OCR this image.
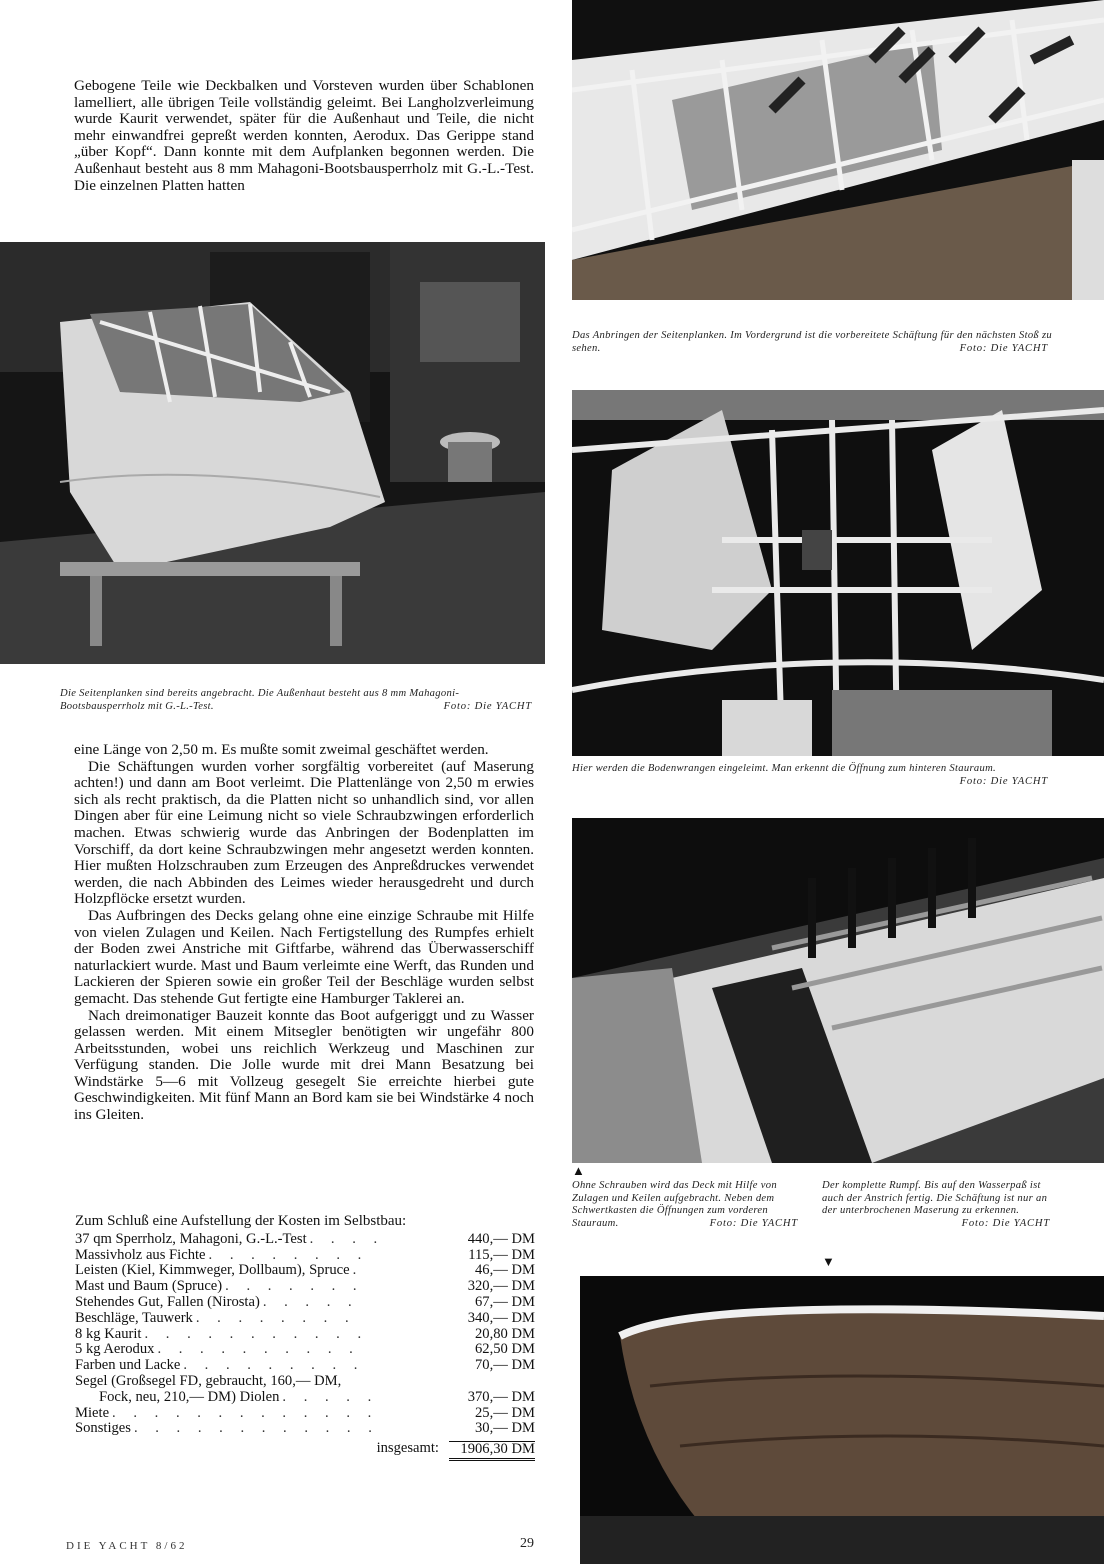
Gebogene Teile wie Deckbalken und Vorsteven wurden über Schablonen lamelliert, alle übrigen Teile vollständig geleimt. Bei Langholzverleimung wurde Kaurit verwendet, später für die Außenhaut und Teile, die nicht mehr einwandfrei gepreßt werden konnten, Aerodux. Das Gerippe stand „über Kopf“. Dann konnte mit dem Aufplanken begonnen werden. Die Außenhaut besteht aus 8 mm Mahagoni-Bootsbausperrholz mit G.-L.-Test. Die einzelnen Platten hatten

Die Seitenplanken sind bereits angebracht. Die Außenhaut besteht aus 8 mm Mahagoni-Bootsbausperrholz mit G.-L.-Test.	Foto: Die YACHT

eine Länge von 2,50 m. Es mußte somit zweimal geschäftet werden.

Die Schäftungen wurden vorher sorgfältig vorbereitet (auf Maserung achten!) und dann am Boot verleimt. Die Plattenlänge von 2,50 m erwies sich als recht praktisch, da die Platten nicht so unhandlich sind, vor allen Dingen aber für eine Leimung nicht so viele Schraubzwingen erforderlich machen. Etwas schwierig wurde das Anbringen der Bodenplatten im Vorschiff, da dort keine Schraubzwingen mehr angesetzt werden konnten. Hier mußten Holzschrauben zum Erzeugen des Anpreßdruckes verwendet werden, die nach Abbinden des Leimes wieder herausgedreht und durch Holzpflöcke ersetzt wurden.

Das Aufbringen des Decks gelang ohne eine einzige Schraube mit Hilfe von vielen Zulagen und Keilen. Nach Fertigstellung des Rumpfes erhielt der Boden zwei Anstriche mit Giftfarbe, während das Überwasserschiff naturlackiert wurde. Mast und Baum verleimte eine Werft, das Runden und Lackieren der Spieren sowie ein großer Teil der Beschläge wurden selbst gemacht. Das stehende Gut fertigte eine Hamburger Taklerei an.

Nach dreimonatiger Bauzeit konnte das Boot aufgeriggt und zu Wasser gelassen werden. Mit einem Mitsegler benötigten wir ungefähr 800 Arbeitsstunden, wobei uns reichlich Werkzeug und Maschinen zur Verfügung standen. Die Jolle wurde mit drei Mann Besatzung bei Windstärke 5—6 mit Vollzeug gesegelt Sie erreichte hierbei gute Geschwindigkeiten. Mit fünf Mann an Bord kam sie bei Windstärke 4 noch ins Gleiten.

Zum Schluß eine Aufstellung der Kosten im Selbstbau:
37 qm Sperrholz, Mahagoni, G.-L.-Test . . . .	440,— DM
Massivholz aus Fichte . . . . . . . .	115,— DM
Leisten (Kiel, Kimmweger, Dollbaum), Spruce .	46,— DM
Mast und Baum (Spruce) . . . . . . .	320,— DM
Stehendes Gut, Fallen (Nirosta) . . . . .	67,— DM
Beschläge, Tauwerk . . . . . . . .	340,— DM
8 kg Kaurit . . . . . . . . . . .	20,80 DM
5 kg Aerodux . . . . . . . . . .	62,50 DM
Farben und Lacke . . . . . . . . .	70,— DM
Segel (Großsegel FD, gebraucht, 160,— DM,
Fock, neu, 210,— DM) Diolen . . . . .	370,— DM
Miete . . . . . . . . . . . . .	25,— DM
Sonstiges . . . . . . . . . . . .	30,— DM
insgesamt:	1906,30 DM
DIE YACHT 8/62	29
Das Anbringen der Seitenplanken. Im Vordergrund ist die vorbereitete Schäftung für den nächsten Stoß zu sehen.	Foto: Die YACHT
Hier werden die Bodenwrangen eingeleimt. Man erkennt die Öffnung zum hinteren Stauraum.
Foto: Die YACHT
▲
Ohne Schrauben wird das Deck mit Hilfe von Zulagen und Keilen aufgebracht. Neben dem Schwertkasten die Öffnungen zum vorderen Stauraum.	Foto: Die YACHT
Der komplette Rumpf. Bis auf den Wasserpaß ist auch der Anstrich fertig. Die Schäftung ist nur an der unterbrochenen Maserung zu erkennen.
Foto: Die YACHT
▼
